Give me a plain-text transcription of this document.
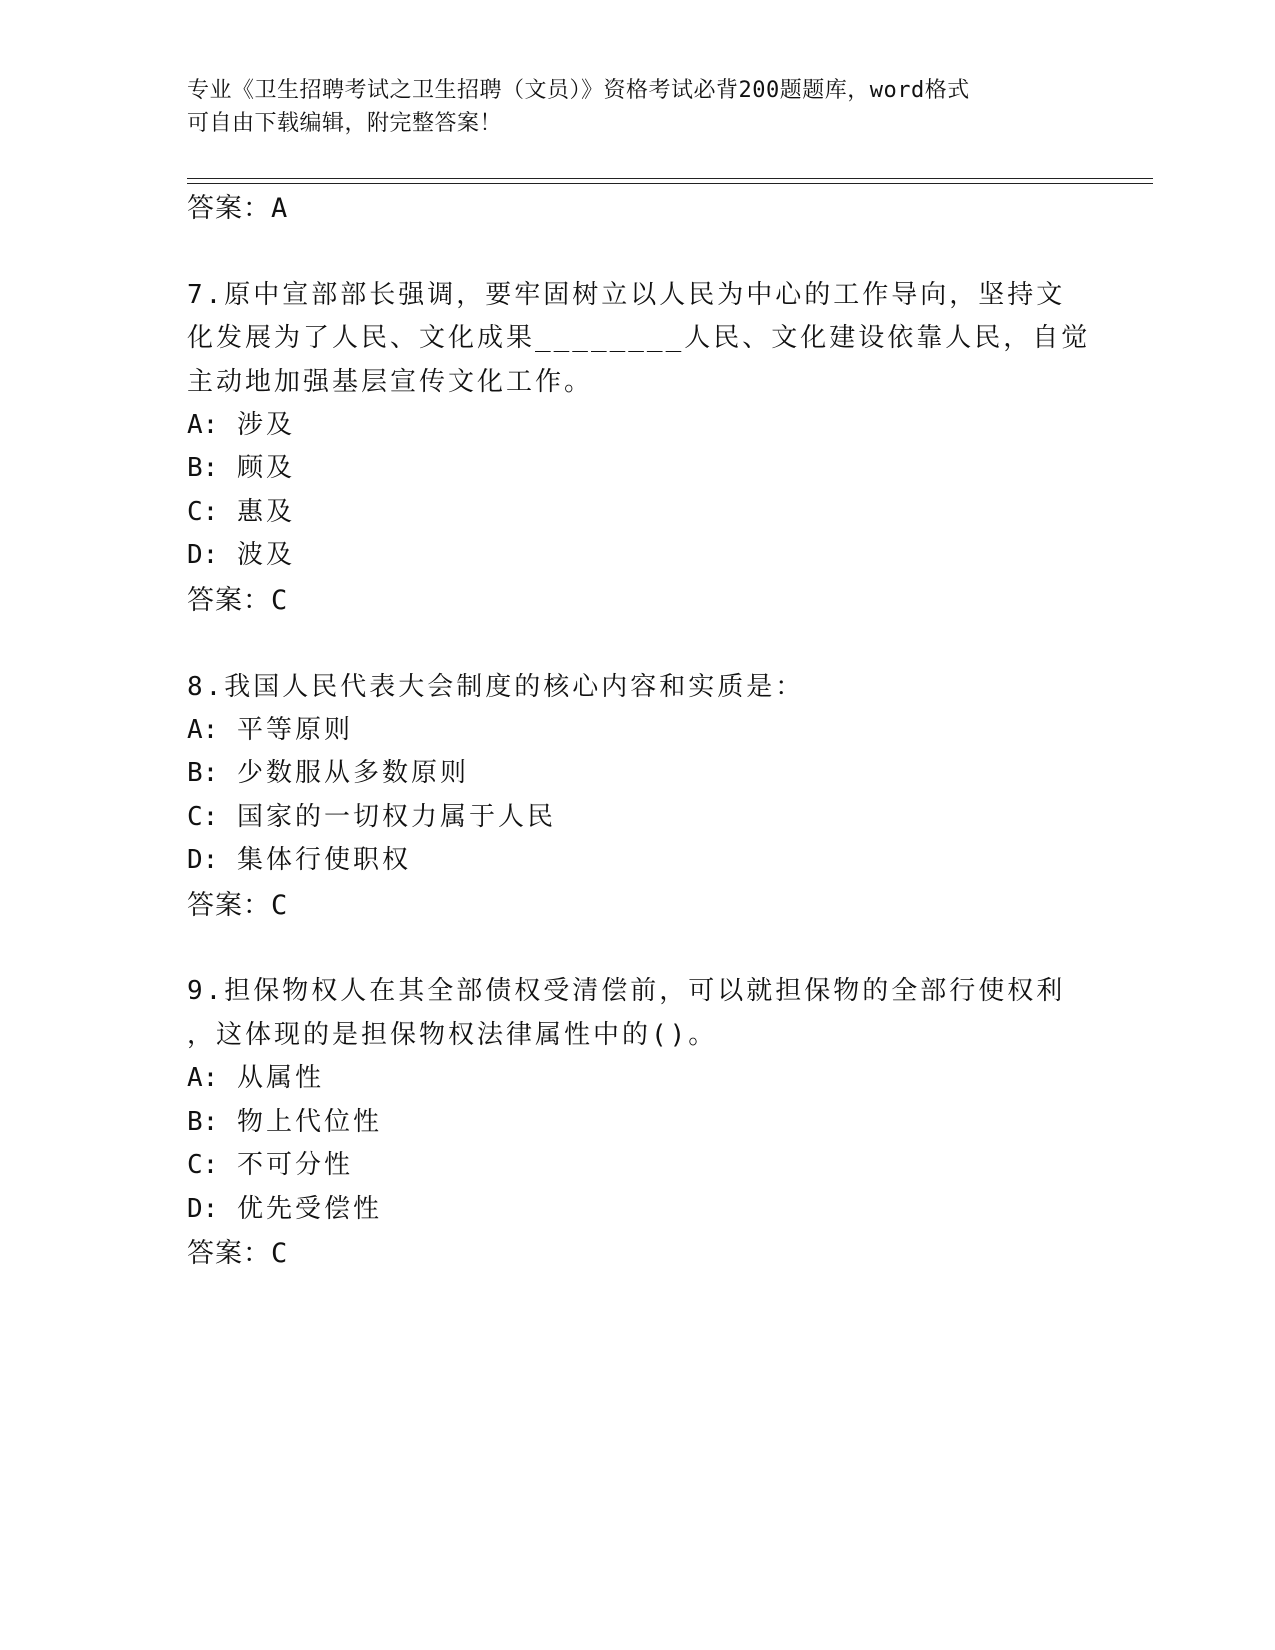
专业《卫生招聘考试之卫生招聘（文员）》资格考试必背200题题库，word格式
可自由下载编辑，附完整答案！
答案：A
7.原中宣部部长强调，要牢固树立以人民为中心的工作导向，坚持文
化发展为了人民、文化成果________人民、文化建设依靠人民，自觉
主动地加强基层宣传文化工作。
A: 涉及
B: 顾及
C: 惠及
D: 波及
答案：C
8.我国人民代表大会制度的核心内容和实质是：
A: 平等原则
B: 少数服从多数原则
C: 国家的一切权力属于人民
D: 集体行使职权
答案：C
9.担保物权人在其全部债权受清偿前，可以就担保物的全部行使权利
，这体现的是担保物权法律属性中的()。
A: 从属性
B: 物上代位性
C: 不可分性
D: 优先受偿性
答案：C
